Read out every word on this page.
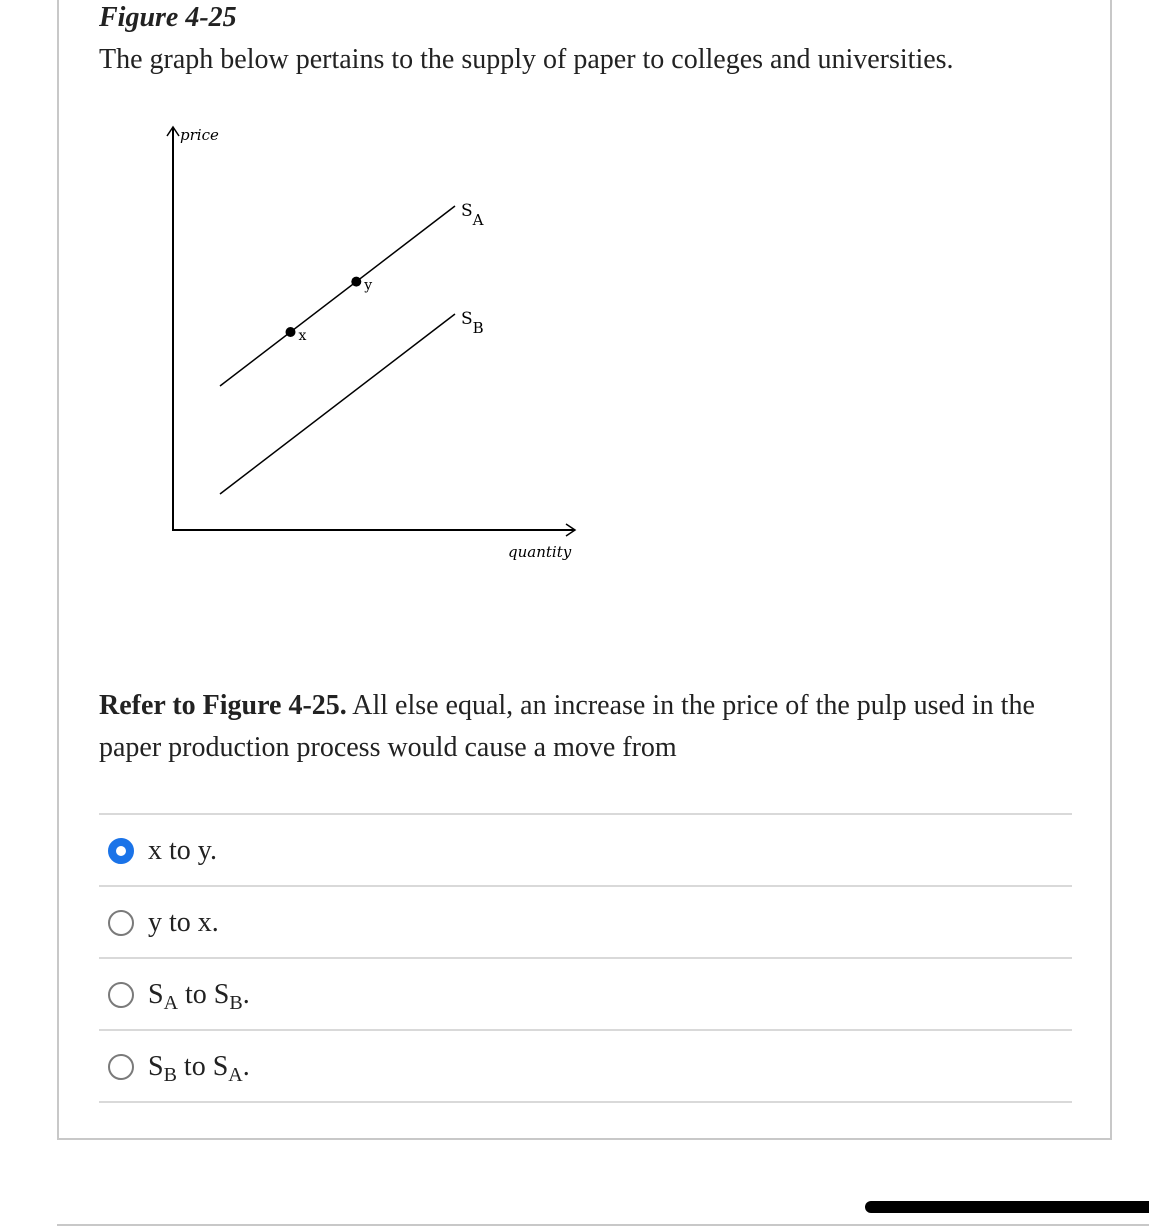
Figure 4-25

The graph below pertains to the supply of paper to colleges and universities.

price
quantity
SA
SB
x
y

Refer to Figure 4-25. All else equal, an increase in the price of the pulp used in the paper production process would cause a move from

x to y.
y to x.
$S_A$ to $S_B$.
$S_B$ to $S_A$.
